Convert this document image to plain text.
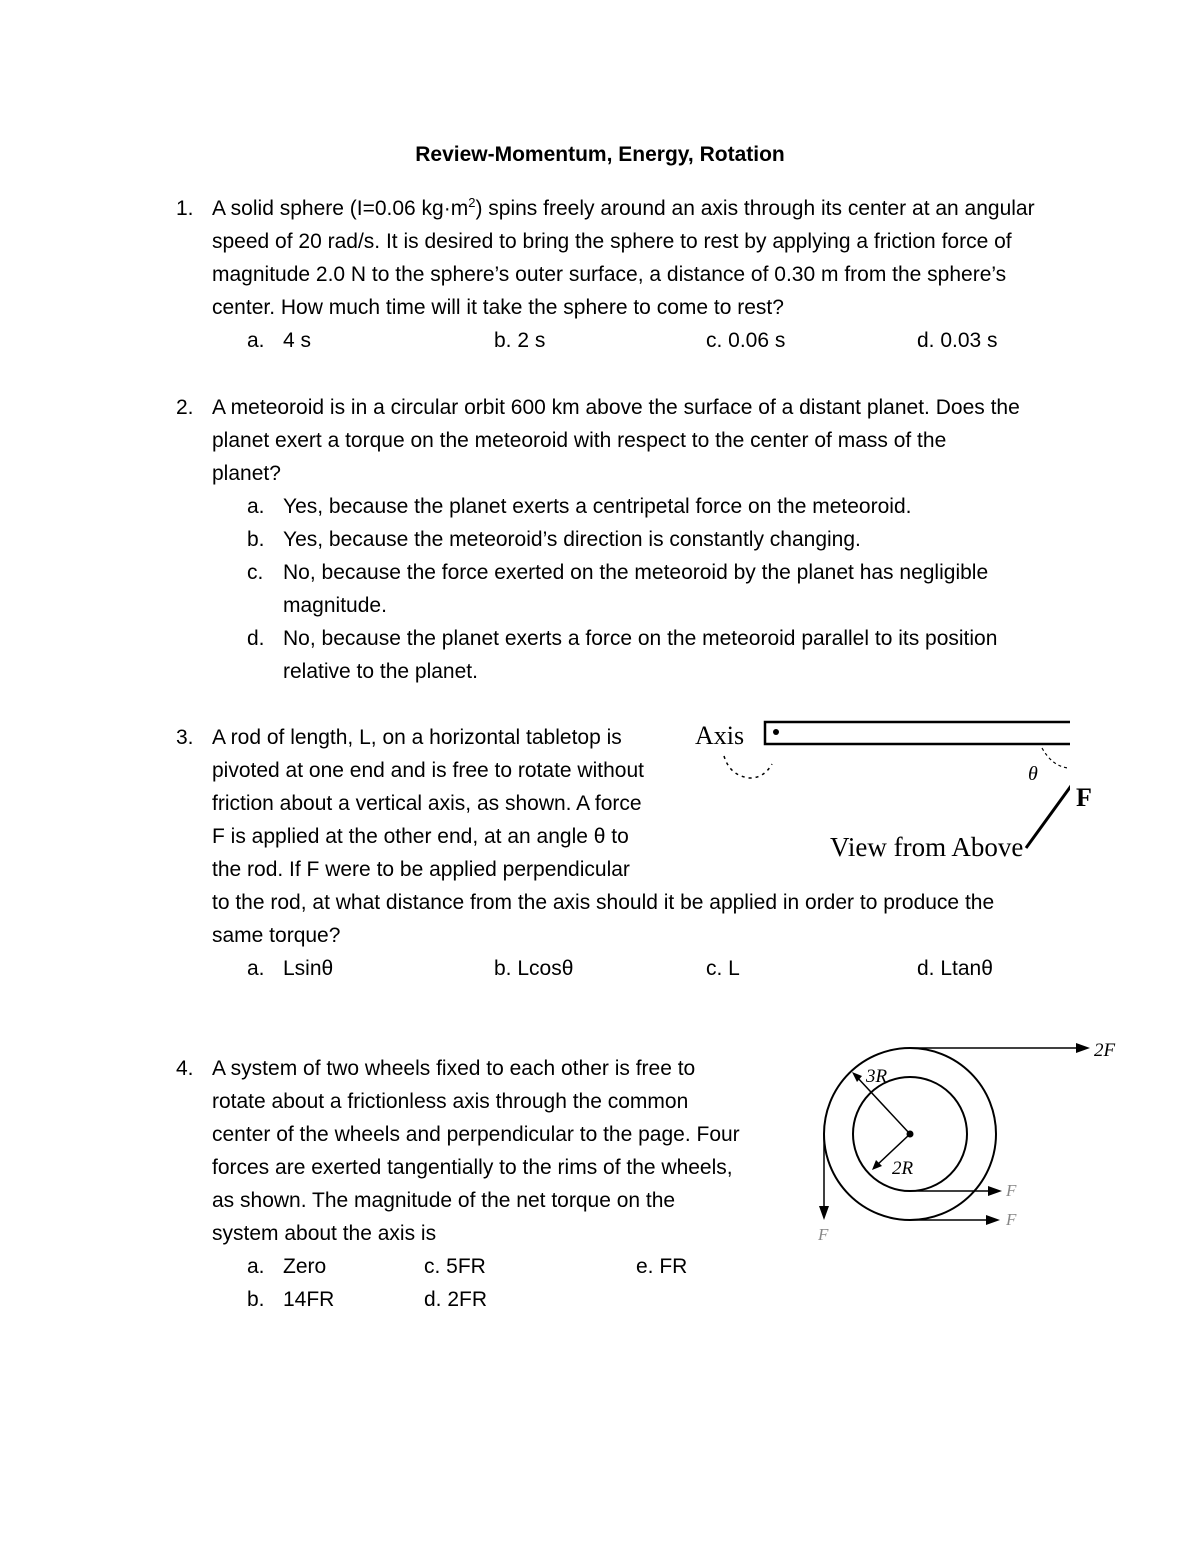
Review-Momentum, Energy, Rotation
1. A solid sphere (I=0.06 $kg\cdot m^2$) spins freely around an axis through its center at an angular
speed of 20 rad/s. It is desired to bring the sphere to rest by applying a friction force of
magnitude 2.0 N to the sphere’s outer surface, a distance of 0.30 m from the sphere’s
center. How much time will it take the sphere to come to rest?
a. 4 s	b. 2 s	c. 0.06 s	d. 0.03 s
2. A meteoroid is in a circular orbit 600 km above the surface of a distant planet. Does the
planet exert a torque on the meteoroid with respect to the center of mass of the
planet?
a. Yes, because the planet exerts a centripetal force on the meteoroid.
b. Yes, because the meteoroid’s direction is constantly changing.
c. No, because the force exerted on the meteoroid by the planet has negligible
magnitude.
d. No, because the planet exerts a force on the meteoroid parallel to its position
relative to the planet.
3. A rod of length, L, on a horizontal tabletop is
pivoted at one end and is free to rotate without
friction about a vertical axis, as shown. A force
F is applied at the other end, at an angle θ to
the rod. If F were to be applied perpendicular
to the rod, at what distance from the axis should it be applied in order to produce the
same torque?
a. Lsinθ	b. Lcosθ	c. L	d. Ltanθ
Axis
θ
F
View from Above
4. A system of two wheels fixed to each other is free to
rotate about a frictionless axis through the common
center of the wheels and perpendicular to the page. Four
forces are exerted tangentially to the rims of the wheels,
as shown. The magnitude of the net torque on the
system about the axis is
a. Zero	c. 5FR	e. FR
b. 14FR	d. 2FR
3R
2R
2F
F
F
F
